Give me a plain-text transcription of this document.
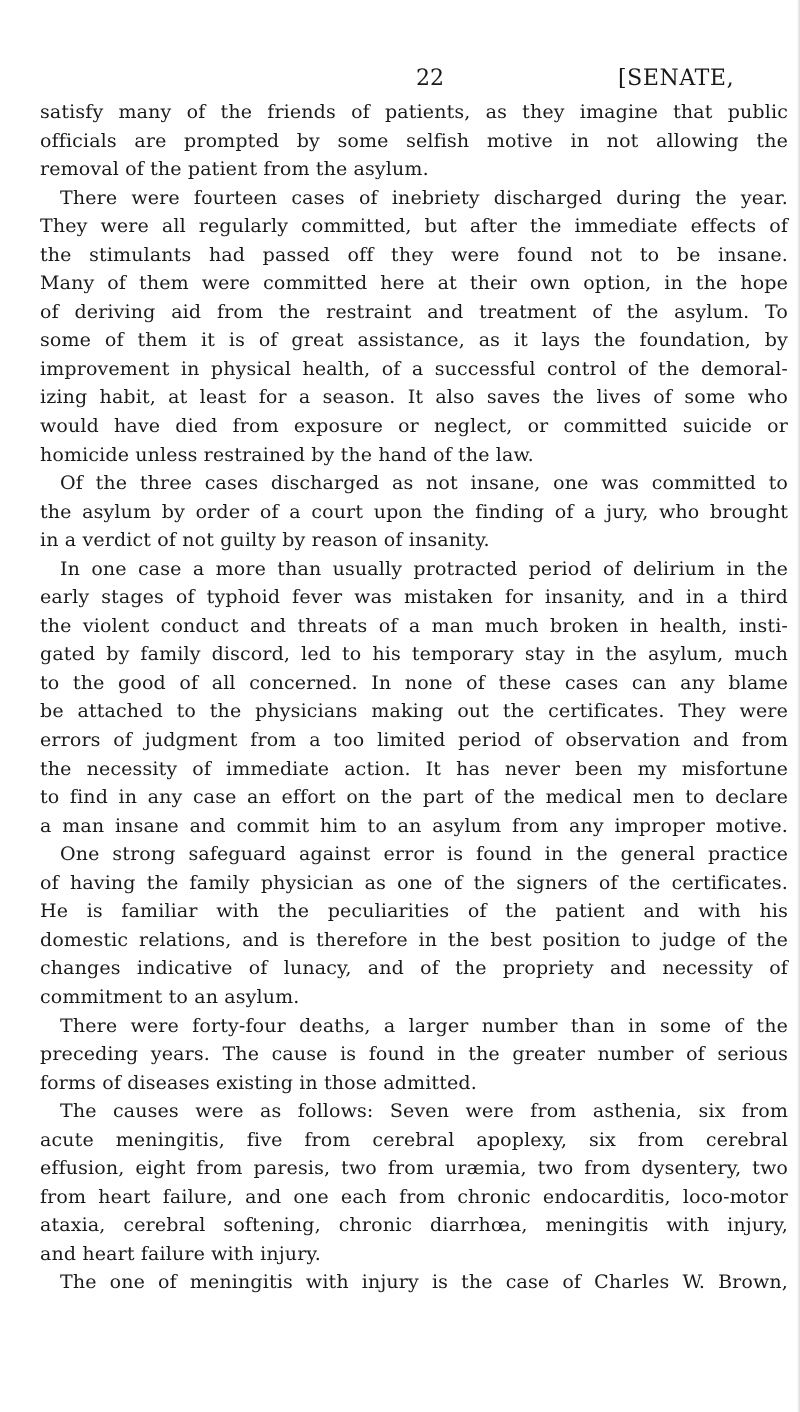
22	[SENATE,
satisfy many of the friends of patients, as they imagine that public
officials are prompted by some selfish motive in not allowing the
removal of the patient from the asylum.
There were fourteen cases of inebriety discharged during the year.
They were all regularly committed, but after the immediate effects of
the stimulants had passed off they were found not to be insane.
Many of them were committed here at their own option, in the hope
of deriving aid from the restraint and treatment of the asylum. To
some of them it is of great assistance, as it lays the foundation, by
improvement in physical health, of a successful control of the demoral-
izing habit, at least for a season. It also saves the lives of some who
would have died from exposure or neglect, or committed suicide or
homicide unless restrained by the hand of the law.
Of the three cases discharged as not insane, one was committed to
the asylum by order of a court upon the finding of a jury, who brought
in a verdict of not guilty by reason of insanity.
In one case a more than usually protracted period of delirium in the
early stages of typhoid fever was mistaken for insanity, and in a third
the violent conduct and threats of a man much broken in health, insti-
gated by family discord, led to his temporary stay in the asylum, much
to the good of all concerned. In none of these cases can any blame
be attached to the physicians making out the certificates. They were
errors of judgment from a too limited period of observation and from
the necessity of immediate action. It has never been my misfortune
to find in any case an effort on the part of the medical men to declare
a man insane and commit him to an asylum from any improper motive.
One strong safeguard against error is found in the general practice
of having the family physician as one of the signers of the certificates.
He is familiar with the peculiarities of the patient and with his
domestic relations, and is therefore in the best position to judge of the
changes indicative of lunacy, and of the propriety and necessity of
commitment to an asylum.
There were forty-four deaths, a larger number than in some of the
preceding years. The cause is found in the greater number of serious
forms of diseases existing in those admitted.
The causes were as follows: Seven were from asthenia, six from
acute meningitis, five from cerebral apoplexy, six from cerebral
effusion, eight from paresis, two from uræmia, two from dysentery, two
from heart failure, and one each from chronic endocarditis, loco-motor
ataxia, cerebral softening, chronic diarrhœa, meningitis with injury,
and heart failure with injury.
The one of meningitis with injury is the case of Charles W. Brown,
